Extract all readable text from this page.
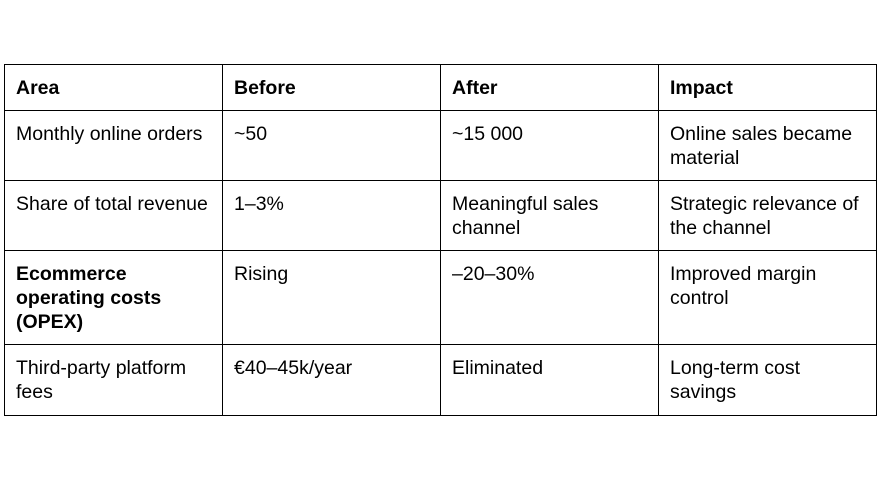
Area	Before	After	Impact
Monthly online orders	~50	~15 000	Online sales became material
Share of total revenue	1–3%	Meaningful sales channel	Strategic relevance of the channel
Ecommerce operating costs (OPEX)	Rising	–20–30%	Improved margin control
Third-party platform fees	€40–45k/year	Eliminated	Long-term cost savings
